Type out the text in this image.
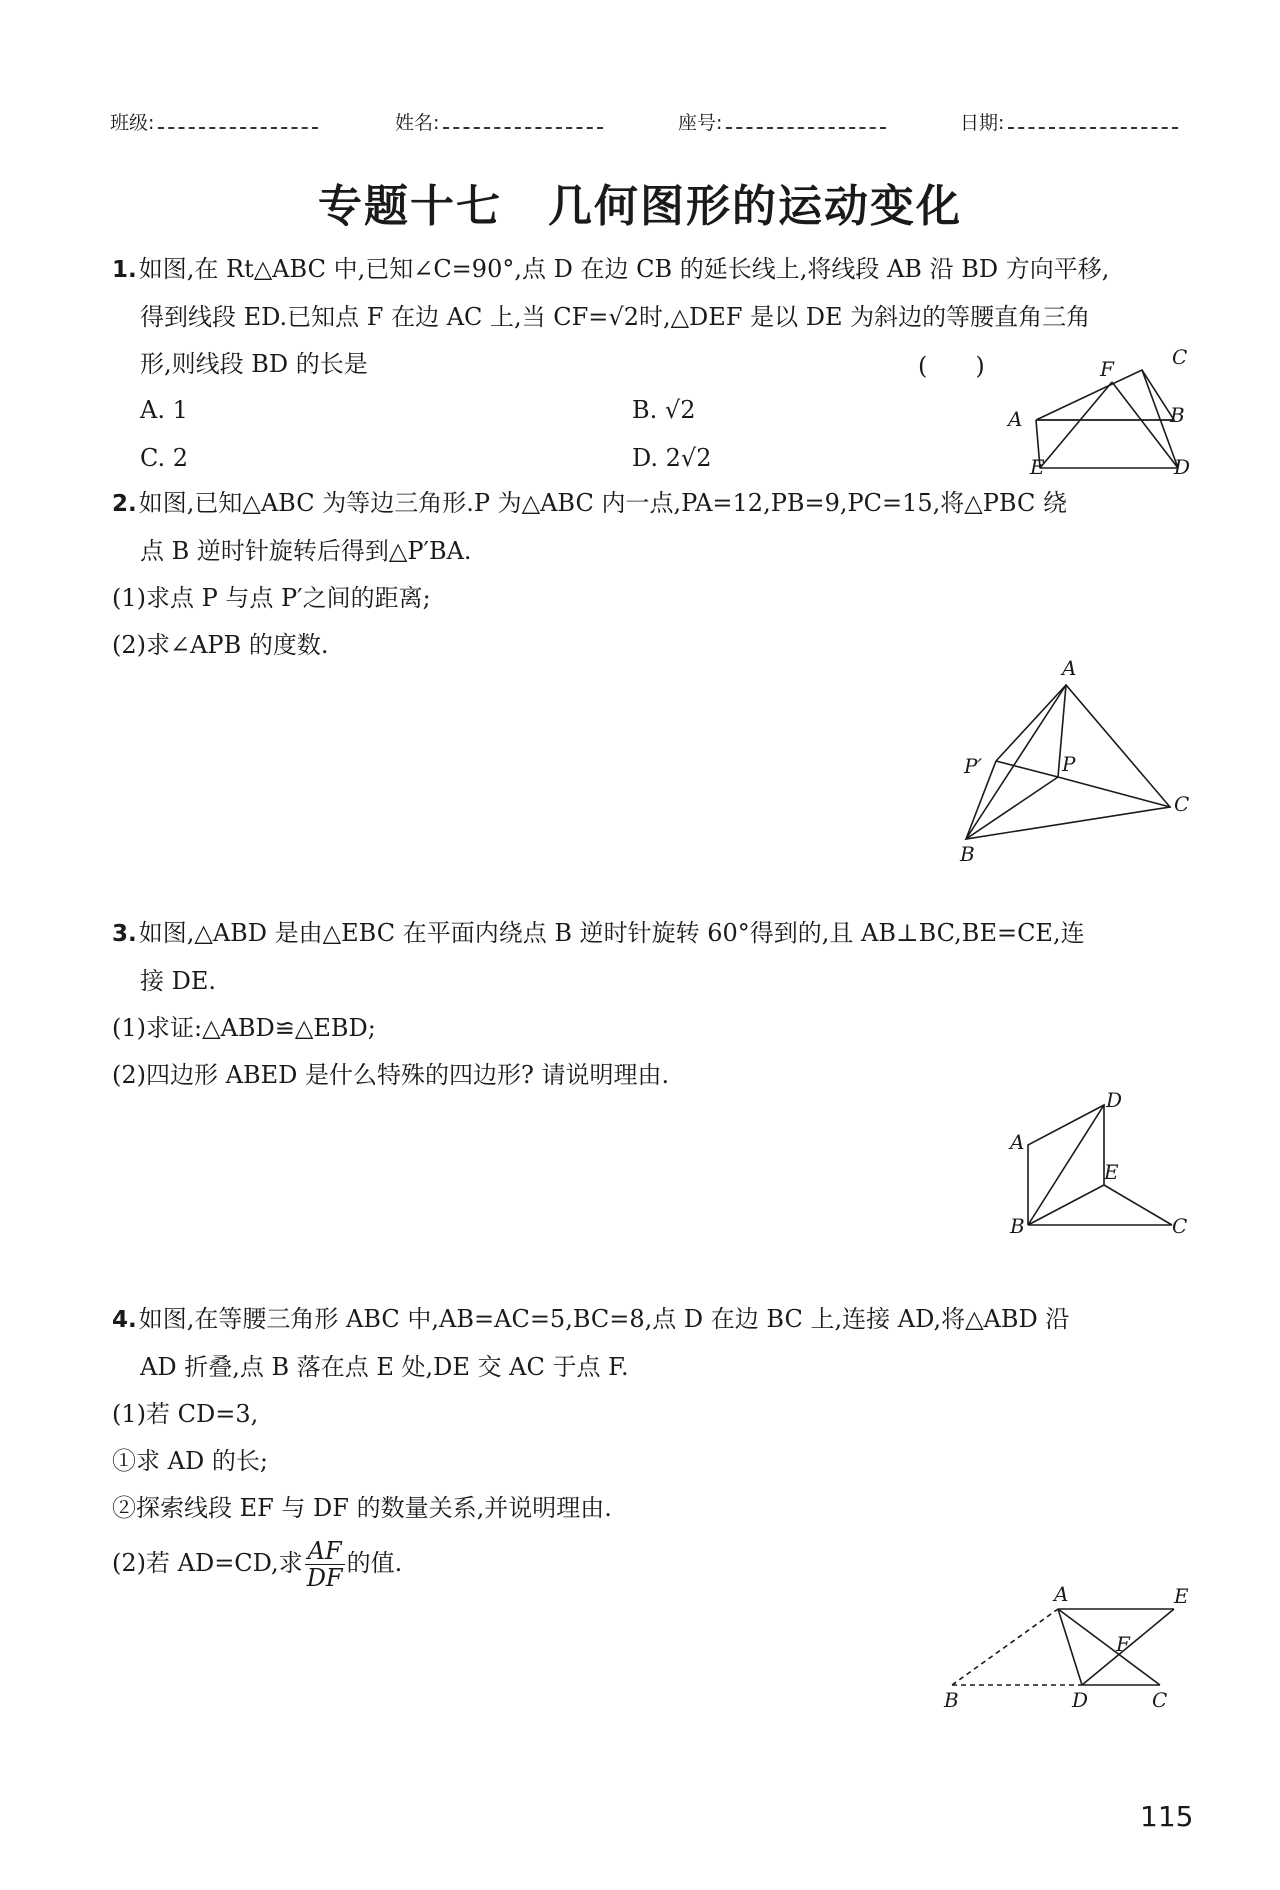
班级:	姓名:	座号:	日期:
专题十七　几何图形的运动变化
1.如图,在 Rt△ABC 中,已知∠C=90°,点 D 在边 CB 的延长线上,将线段 AB 沿 BD 方向平移,
得到线段 ED.已知点 F 在边 AC 上,当 CF=√2时,△DEF 是以 DE 为斜边的等腰直角三角
形,则线段 BD 的长是	(　　)
A. 1	B. √2
C. 2	D. 2√2
A
C
F
B
E	D
2.如图,已知△ABC 为等边三角形.P 为△ABC 内一点,PA=12,PB=9,PC=15,将△PBC 绕
点 B 逆时针旋转后得到△P′BA.
(1)求点 P 与点 P′之间的距离;
(2)求∠APB 的度数.
A
P′	P
C
B
3.如图,△ABD 是由△EBC 在平面内绕点 B 逆时针旋转 60°得到的,且 AB⊥BC,BE=CE,连
接 DE.
(1)求证:△ABD≌△EBD;
(2)四边形 ABED 是什么特殊的四边形? 请说明理由.
A
D
E
B	C
4.如图,在等腰三角形 ABC 中,AB=AC=5,BC=8,点 D 在边 BC 上,连接 AD,将△ABD 沿
AD 折叠,点 B 落在点 E 处,DE 交 AC 于点 F.
(1)若 CD=3,
①求 AD 的长;
②探索线段 EF 与 DF 的数量关系,并说明理由.
(2)若 AD=CD,求 $\frac{AF}{DF}$ 的值.
A	E
F
B	D	C
115
